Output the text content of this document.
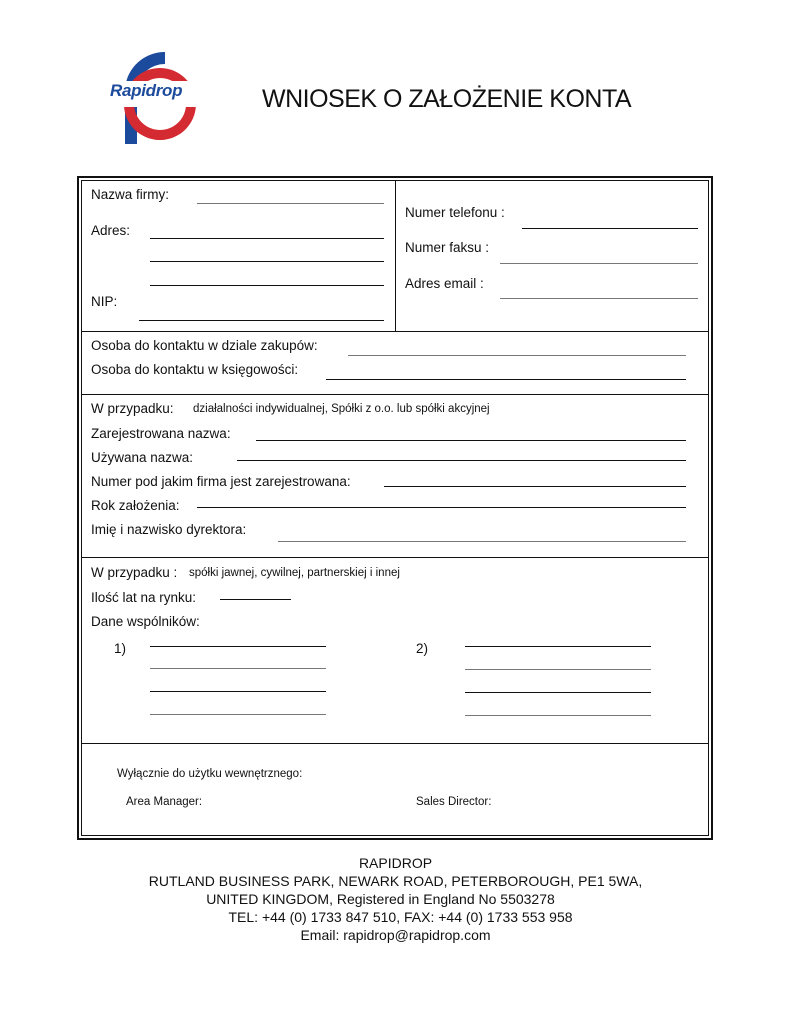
Rapidrop	WNIOSEK O ZAŁOŻENIE KONTA
Nazwa firmy:
Adres:
NIP:
Numer telefonu :
Numer faksu :
Adres email :
Osoba do kontaktu w dziale zakupów:
Osoba do kontaktu w księgowości:
W przypadku: działalności indywidualnej, Spółki z o.o. lub spółki akcyjnej
Zarejestrowana nazwa:
Używana nazwa:
Numer pod jakim firma jest zarejestrowana:
Rok założenia:
Imię i nazwisko dyrektora:
W przypadku : spółki jawnej, cywilnej, partnerskiej i innej
Ilość lat na rynku:
Dane wspólników:
1)	2)
Wyłącznie do użytku wewnętrznego:
Area Manager:	Sales Director:
RAPIDROP
RUTLAND BUSINESS PARK, NEWARK ROAD, PETERBOROUGH, PE1 5WA,
UNITED KINGDOM, Registered in England No 5503278
TEL: +44 (0) 1733 847 510, FAX: +44 (0) 1733 553 958
Email: rapidrop@rapidrop.com
